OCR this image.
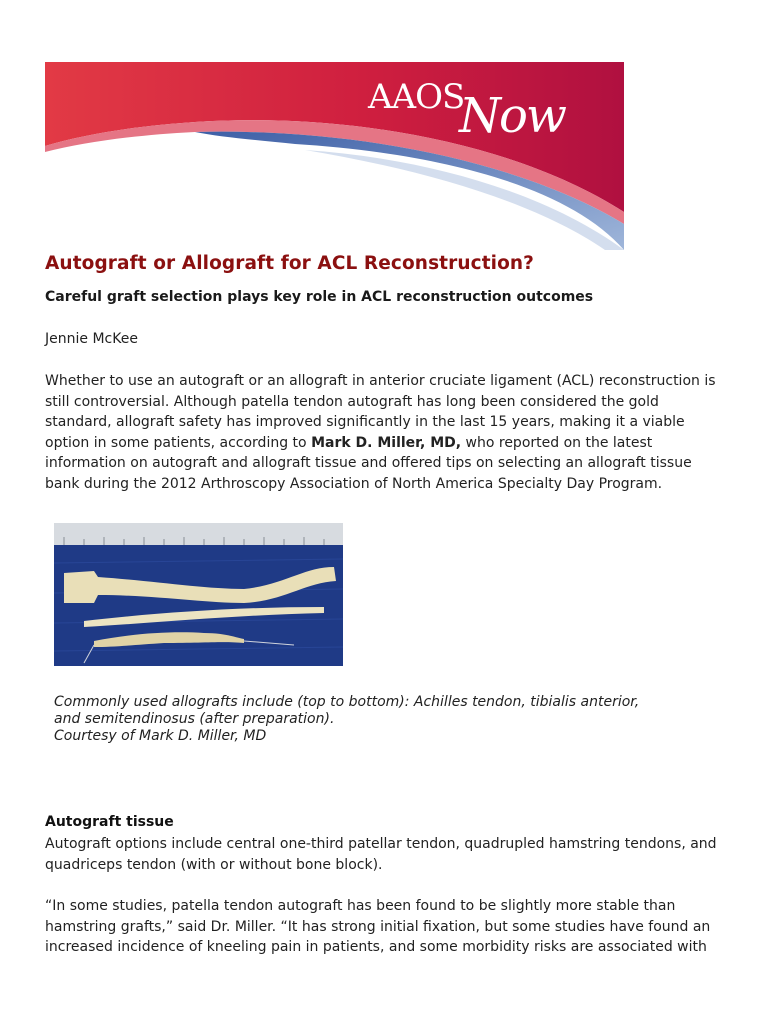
AAOS
Now
Autograft or Allograft for ACL Reconstruction?

Careful graft selection plays key role in ACL reconstruction outcomes

Jennie McKee

Whether to use an autograft or an allograft in anterior cruciate ligament (ACL) reconstruction is still controversial. Although patella tendon autograft has long been considered the gold standard, allograft safety has improved significantly in the last 15 years, making it a viable option in some patients, according to Mark D. Miller, MD, who reported on the latest information on autograft and allograft tissue and offered tips on selecting an allograft tissue bank during the 2012 Arthroscopy Association of North America Specialty Day Program.

Commonly used allografts include (top to bottom): Achilles tendon, tibialis anterior,
and semitendinosus (after preparation).
Courtesy of Mark D. Miller, MD

Autograft tissue

Autograft options include central one-third patellar tendon, quadrupled hamstring tendons, and quadriceps tendon (with or without bone block).

“In some studies, patella tendon autograft has been found to be slightly more stable than hamstring grafts,” said Dr. Miller. “It has strong initial fixation, but some studies have found an increased incidence of kneeling pain in patients, and some morbidity risks are associated with
